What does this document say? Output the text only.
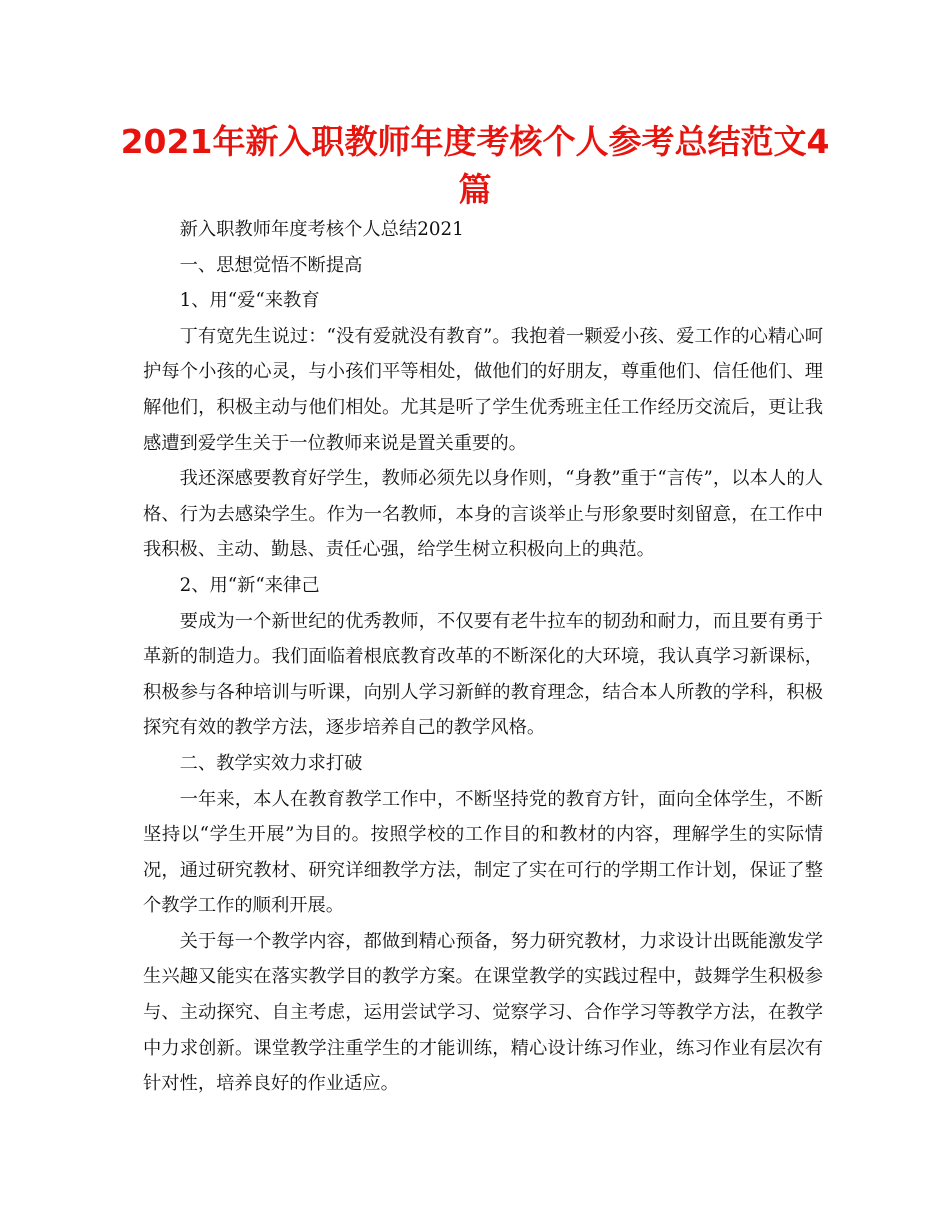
2021年新入职教师年度考核个人参考总结范文4篇

新入职教师年度考核个人总结2021

一、思想觉悟不断提高

1、用“爱“来教育

丁有宽先生说过：“没有爱就没有教育”。我抱着一颗爱小孩、爱工作的心精心呵护每个小孩的心灵，与小孩们平等相处，做他们的好朋友，尊重他们、信任他们、理解他们，积极主动与他们相处。尤其是听了学生优秀班主任工作经历交流后，更让我感遭到爱学生关于一位教师来说是置关重要的。

我还深感要教育好学生，教师必须先以身作则，“身教”重于“言传”，以本人的人格、行为去感染学生。作为一名教师，本身的言谈举止与形象要时刻留意，在工作中我积极、主动、勤恳、责任心强，给学生树立积极向上的典范。

2、用“新“来律己

要成为一个新世纪的优秀教师，不仅要有老牛拉车的韧劲和耐力，而且要有勇于革新的制造力。我们面临着根底教育改革的不断深化的大环境，我认真学习新课标，积极参与各种培训与听课，向别人学习新鲜的教育理念，结合本人所教的学科，积极探究有效的教学方法，逐步培养自己的教学风格。

二、教学实效力求打破

一年来，本人在教育教学工作中，不断坚持党的教育方针，面向全体学生，不断坚持以“学生开展”为目的。按照学校的工作目的和教材的内容，理解学生的实际情况，通过研究教材、研究详细教学方法，制定了实在可行的学期工作计划，保证了整个教学工作的顺利开展。

关于每一个教学内容，都做到精心预备，努力研究教材，力求设计出既能激发学生兴趣又能实在落实教学目的教学方案。在课堂教学的实践过程中，鼓舞学生积极参与、主动探究、自主考虑，运用尝试学习、觉察学习、合作学习等教学方法，在教学中力求创新。课堂教学注重学生的才能训练，精心设计练习作业，练习作业有层次有针对性，培养良好的作业适应。
